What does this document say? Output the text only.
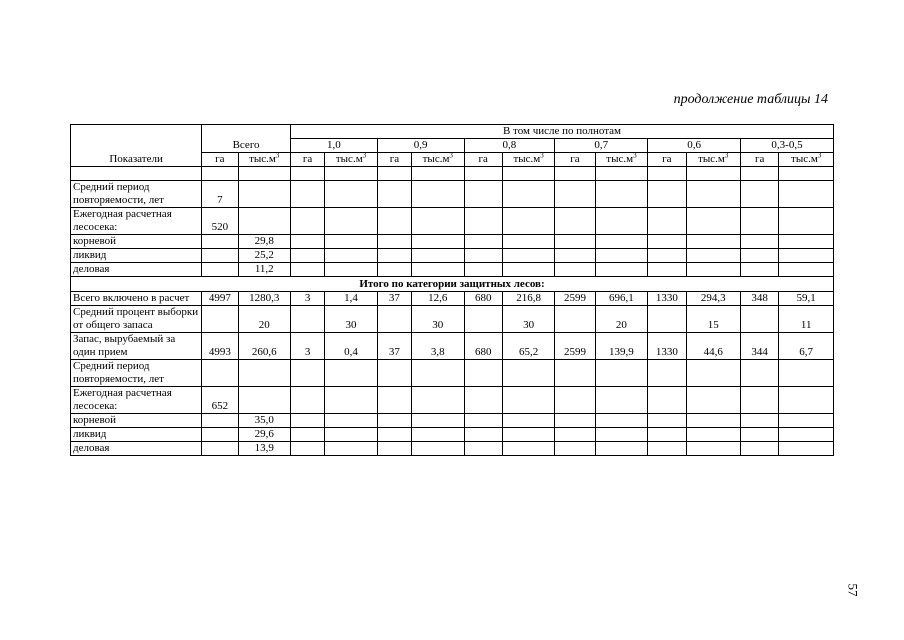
продолжение таблицы 14
Показатели	Всего		В том числе по полнотам											
			1,0		0,9		0,8		0,7		0,6		0,3-0,5	
	га	$тыс.м^3$	га	$тыс.м^3$	га	$тыс.м^3$	га	$тыс.м^3$	га	$тыс.м^3$	га	$тыс.м^3$	га	$тыс.м^3$

Средний период повторяемости, лет	7													
Ежегодная расчетная лесосека:	520													
корневой		29,8												
ликвид		25,2												
деловая		11,2												
Итого по категории защитных лесов:														
Всего включено в расчет	4997	1280,3	3	1,4	37	12,6	680	216,8	2599	696,1	1330	294,3	348	59,1
Средний процент выборки от общего запаса		20		30		30		30		20		15		11
Запас, вырубаемый за один прием	4993	260,6	3	0,4	37	3,8	680	65,2	2599	139,9	1330	44,6	344	6,7
Средний период повторяемости, лет														
Ежегодная расчетная лесосека:	652													
корневой		35,0												
ликвид		29,6												
деловая		13,9												
57
